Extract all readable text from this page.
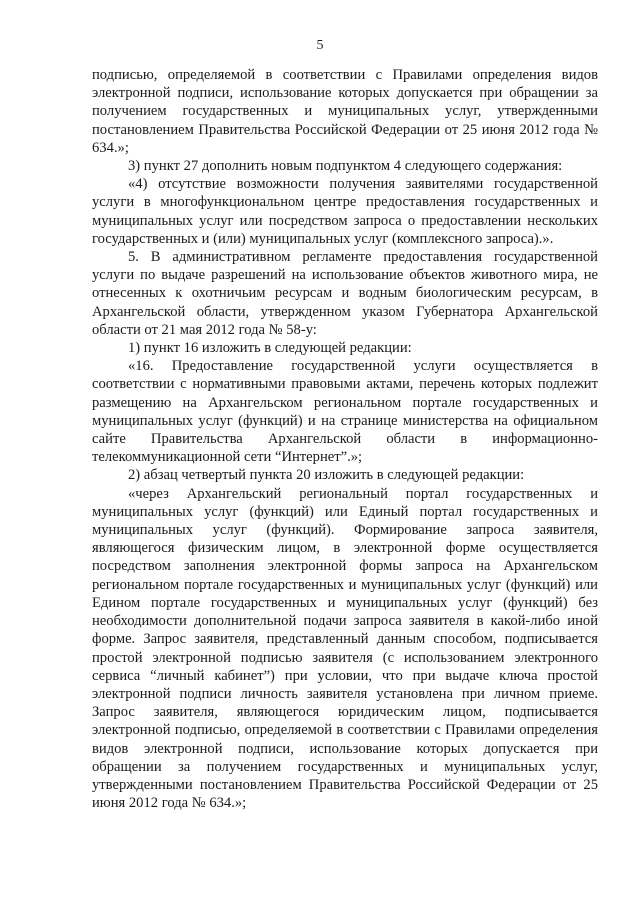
5

подписью, определяемой в соответствии с Правилами определения видов электронной подписи, использование которых допускается при обращении за получением государственных и муниципальных услуг, утвержденными постановлением Правительства Российской Федерации от 25 июня 2012 года № 634.»;

3) пункт 27 дополнить новым подпунктом 4 следующего содержания:

«4) отсутствие возможности получения заявителями государственной услуги в многофункциональном центре предоставления государственных и муниципальных услуг или посредством запроса о предоставлении нескольких государственных и (или) муниципальных услуг (комплексного запроса).».

5. В административном регламенте предоставления государственной услуги по выдаче разрешений на использование объектов животного мира, не отнесенных к охотничьим ресурсам и водным биологическим ресурсам, в Архангельской области, утвержденном указом Губернатора Архангельской области от 21 мая 2012 года № 58-у:

1) пункт 16 изложить в следующей редакции:

«16. Предоставление государственной услуги осуществляется в соответствии с нормативными правовыми актами, перечень которых подлежит размещению на Архангельском региональном портале государственных и муниципальных услуг (функций) и на странице министерства на официальном сайте Правительства Архангельской области в информационно-телекоммуникационной сети “Интернет”.»;

2) абзац четвертый пункта 20 изложить в следующей редакции:

«через Архангельский региональный портал государственных и муниципальных услуг (функций) или Единый портал государственных и муниципальных услуг (функций). Формирование запроса заявителя, являющегося физическим лицом, в электронной форме осуществляется посредством заполнения электронной формы запроса на Архангельском региональном портале государственных и муниципальных услуг (функций) или Едином портале государственных и муниципальных услуг (функций) без необходимости дополнительной подачи запроса заявителя в какой-либо иной форме. Запрос заявителя, представленный данным способом, подписывается простой электронной подписью заявителя (с использованием электронного сервиса “личный кабинет”) при условии, что при выдаче ключа простой электронной подписи личность заявителя установлена при личном приеме. Запрос заявителя, являющегося юридическим лицом, подписывается электронной подписью, определяемой в соответствии с Правилами определения видов электронной подписи, использование которых допускается при обращении за получением государственных и муниципальных услуг, утвержденными постановлением Правительства Российской Федерации от 25 июня 2012 года № 634.»;
